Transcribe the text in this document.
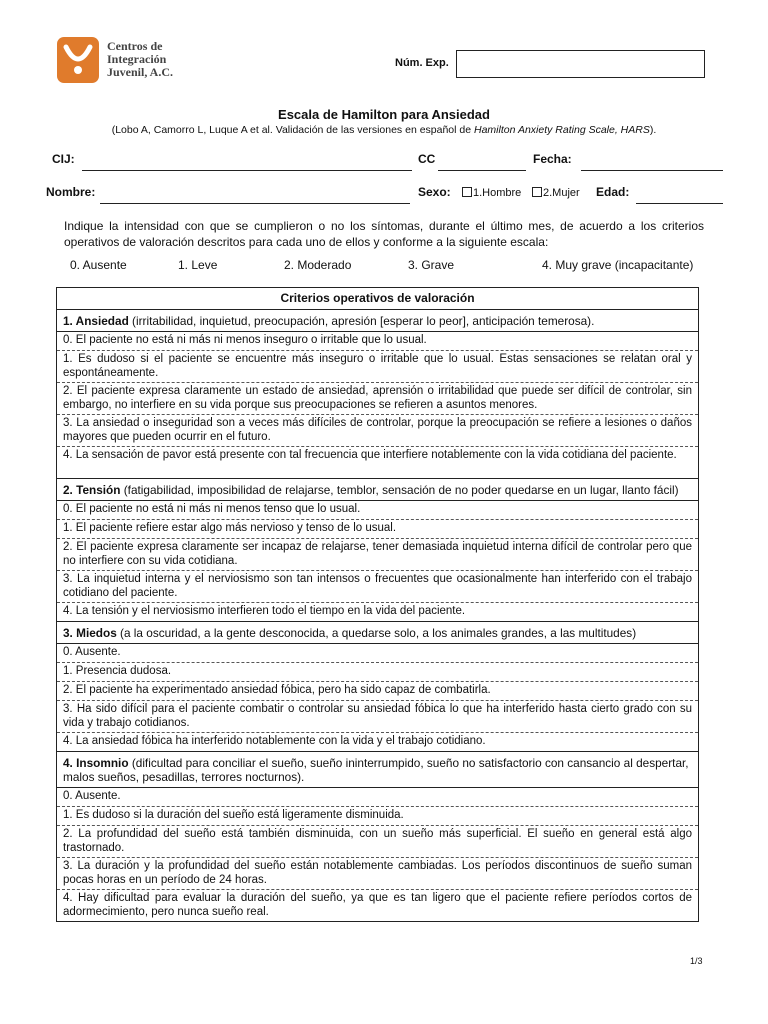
Centros de
Integración
Juvenil, A.C.
Núm. Exp.
Escala de Hamilton para Ansiedad
(Lobo A, Camorro L, Luque A et al. Validación de las versiones en español de Hamilton Anxiety Rating Scale, HARS).
CIJ:	CC	Fecha:
Nombre:	Sexo:	1.Hombre	2.Mujer Edad:
Indique la intensidad con que se cumplieron o no los síntomas, durante el último mes, de acuerdo a los criterios operativos de valoración descritos para cada uno de ellos y conforme a la siguiente escala:
0. Ausente	1. Leve	2. Moderado	3. Grave	4. Muy grave (incapacitante)
Criterios operativos de valoración
1. Ansiedad (irritabilidad, inquietud, preocupación, apresión [esperar lo peor], anticipación temerosa).
0. El paciente no está ni más ni menos inseguro o irritable que lo usual.
1. Es dudoso si el paciente se encuentre más inseguro o irritable que lo usual. Estas sensaciones se relatan oral y espontáneamente.
2. El paciente expresa claramente un estado de ansiedad, aprensión o irritabilidad que puede ser difícil de controlar, sin embargo, no interfiere en su vida porque sus preocupaciones se refieren a asuntos menores.
3. La ansiedad o inseguridad son a veces más difíciles de controlar, porque la preocupación se refiere a lesiones o daños mayores que pueden ocurrir en el futuro.
4. La sensación de pavor está presente con tal frecuencia que interfiere notablemente con la vida cotidiana del paciente.
2. Tensión (fatigabilidad, imposibilidad de relajarse, temblor, sensación de no poder quedarse en un lugar, llanto fácil)
0. El paciente no está ni más ni menos tenso que lo usual.
1. El paciente refiere estar algo más nervioso y tenso de lo usual.
2. El paciente expresa claramente ser incapaz de relajarse, tener demasiada inquietud interna difícil de controlar pero que no interfiere con su vida cotidiana.
3. La inquietud interna y el nerviosismo son tan intensos o frecuentes que ocasionalmente han interferido con el trabajo cotidiano del paciente.
4. La tensión y el nerviosismo interfieren todo el tiempo en la vida del paciente.
3. Miedos (a la oscuridad, a la gente desconocida, a quedarse solo, a los animales grandes, a las multitudes)
0. Ausente.
1. Presencia dudosa.
2. El paciente ha experimentado ansiedad fóbica, pero ha sido capaz de combatirla.
3. Ha sido difícil para el paciente combatir o controlar su ansiedad fóbica lo que ha interferido hasta cierto grado con su vida y trabajo cotidianos.
4. La ansiedad fóbica ha interferido notablemente con la vida y el trabajo cotidiano.
4. Insomnio (dificultad para conciliar el sueño, sueño ininterrumpido, sueño no satisfactorio con cansancio al despertar, malos sueños, pesadillas, terrores nocturnos).
0. Ausente.
1. Es dudoso si la duración del sueño está ligeramente disminuida.
2. La profundidad del sueño está también disminuida, con un sueño más superficial. El sueño en general está algo trastornado.
3. La duración y la profundidad del sueño están notablemente cambiadas. Los períodos discontinuos de sueño suman pocas horas en un período de 24 horas.
4. Hay dificultad para evaluar la duración del sueño, ya que es tan ligero que el paciente refiere períodos cortos de adormecimiento, pero nunca sueño real.
1/3
